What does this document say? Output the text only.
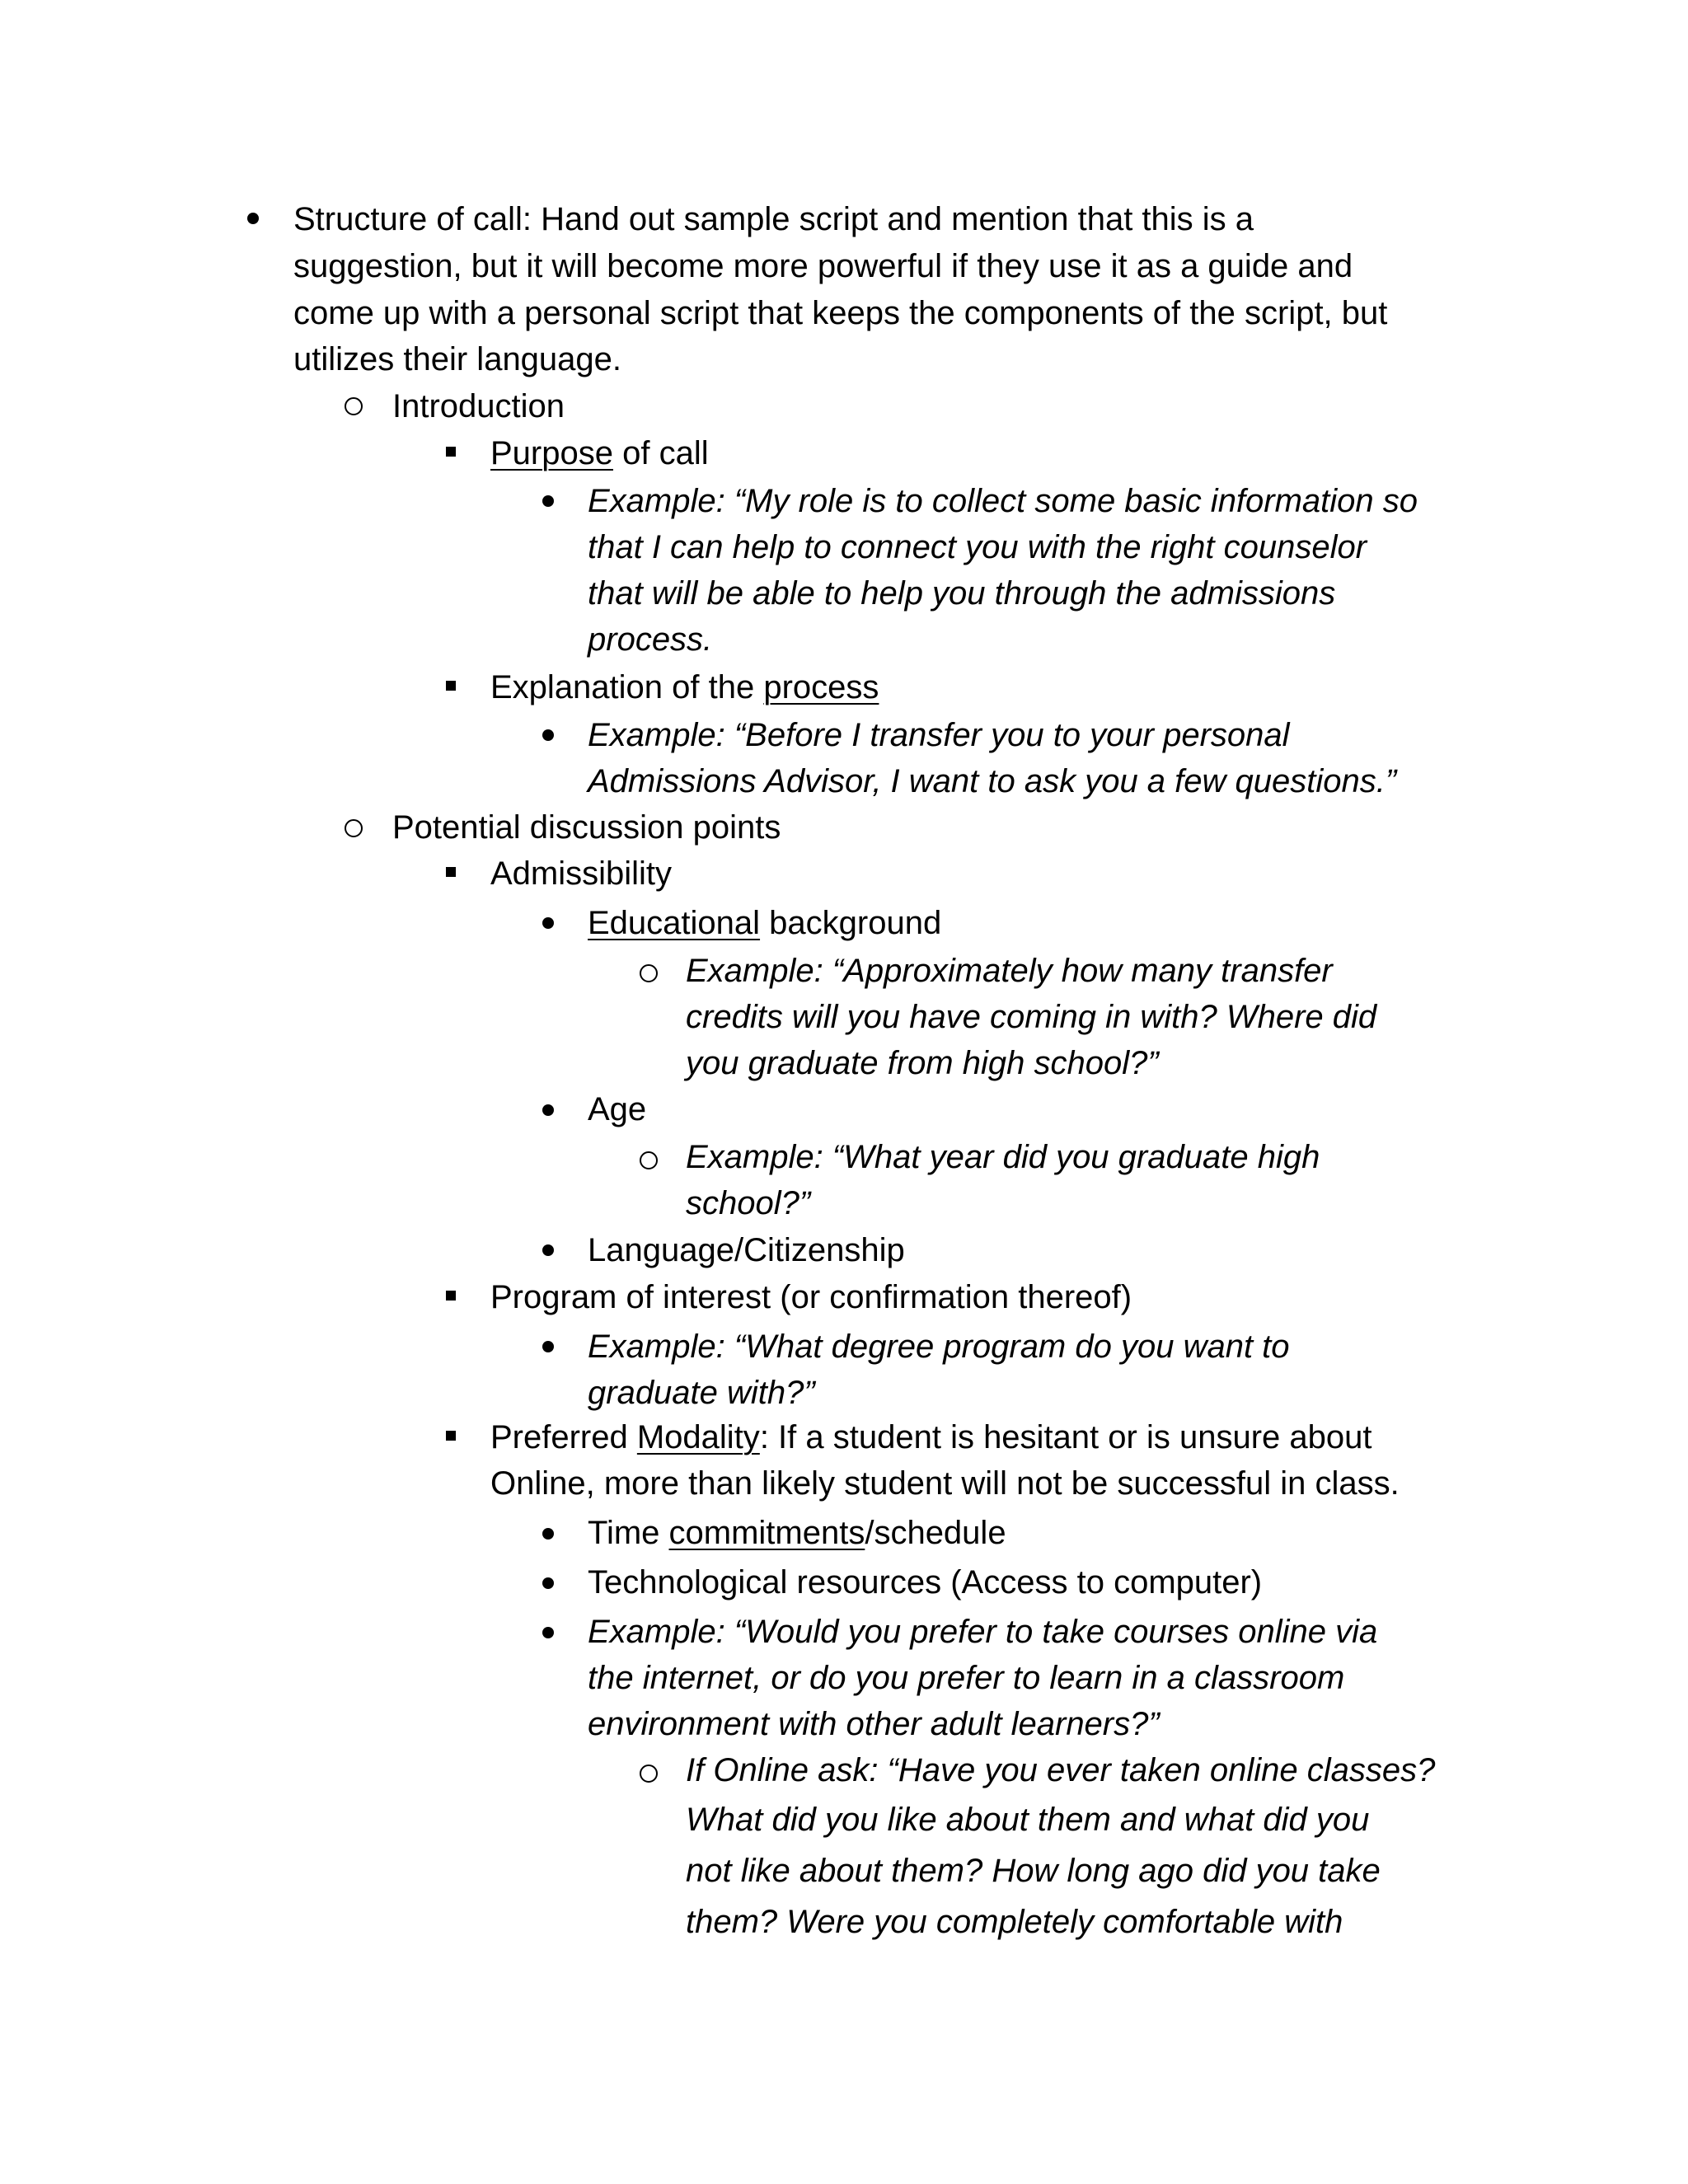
Structure of call: Hand out sample script and mention that this is a
suggestion, but it will become more powerful if they use it as a guide and
come up with a personal script that keeps the components of the script, but
utilizes their language.
Introduction
Purpose of call
Example: “My role is to collect some basic information so
that I can help to connect you with the right counselor
that will be able to help you through the admissions
process.
Explanation of the process
Example: “Before I transfer you to your personal
Admissions Advisor, I want to ask you a few questions.”
Potential discussion points
Admissibility
Educational background
Example: “Approximately how many transfer
credits will you have coming in with? Where did
you graduate from high school?”
Age
Example: “What year did you graduate high
school?”
Language/Citizenship
Program of interest (or confirmation thereof)
Example: “What degree program do you want to
graduate with?”
Preferred Modality: If a student is hesitant or is unsure about
Online, more than likely student will not be successful in class.
Time commitments/schedule
Technological resources (Access to computer)
Example: “Would you prefer to take courses online via
the internet, or do you prefer to learn in a classroom
environment with other adult learners?”
If Online ask: “Have you ever taken online classes?
What did you like about them and what did you
not like about them? How long ago did you take
them? Were you completely comfortable with
